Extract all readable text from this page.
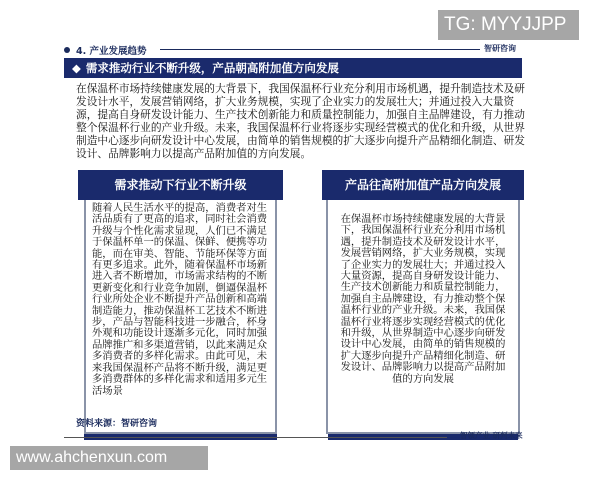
TG: MYYJJPP
4. 产业发展趋势	智研咨询
◆ 需求推动行业不断升级，产品朝高附加值方向发展
在保温杯市场持续健康发展的大背景下，我国保温杯行业充分利用市场机遇，提升制造技术及研发设计水平，发展营销网络，扩大业务规模，实现了企业实力的发展壮大；并通过投入大量资源，提高自身研发设计能力、生产技术创新能力和质量控制能力，加强自主品牌建设，有力推动整个保温杯行业的产业升级。未来，我国保温杯行业将逐步实现经营模式的优化和升级，从世界制造中心逐步向研发设计中心发展，由简单的销售规模的扩大逐步向提升产品精细化制造、研发设计、品牌影响力以提高产品附加值的方向发展。
需求推动下行业不断升级
随着人民生活水平的提高，消费者对生活品质有了更高的追求，同时社会消费升级与个性化需求显现，人们已不满足于保温杯单一的保温、保鲜、便携等功能，而在审美、智能、节能环保等方面有更多追求。此外，随着保温杯市场新进入者不断增加，市场需求结构的不断更新变化和行业竞争加剧，倒逼保温杯行业所处企业不断提升产品创新和高端制造能力，推动保温杯工艺技术不断进步，产品与智能科技进一步融合，杯身外观和功能设计逐渐多元化，同时加强品牌推广和多渠道营销，以此来满足众多消费者的多样化需求。由此可见，未来我国保温杯产品将不断升级，满足更多消费群体的多样化需求和适用多元生活场景
产品往高附加值产品方向发展
在保温杯市场持续健康发展的大背景下，我国保温杯行业充分利用市场机遇，提升制造技术及研发设计水平，发展营销网络，扩大业务规模，实现了企业实力的发展壮大；并通过投入大量资源，提高自身研发设计能力、生产技术创新能力和质量控制能力，加强自主品牌建设，有力推动整个保温杯行业的产业升级。未来，我国保温杯行业将逐步实现经营模式的优化和升级，从世界制造中心逐步向研发设计中心发展，由简单的销售规模的扩大逐步向提升产品精细化制造、研发设计、品牌影响力以提高产品附加值的方向发展
资料来源：智研咨询
智领产业 研判未来
www.ahchenxun.com
